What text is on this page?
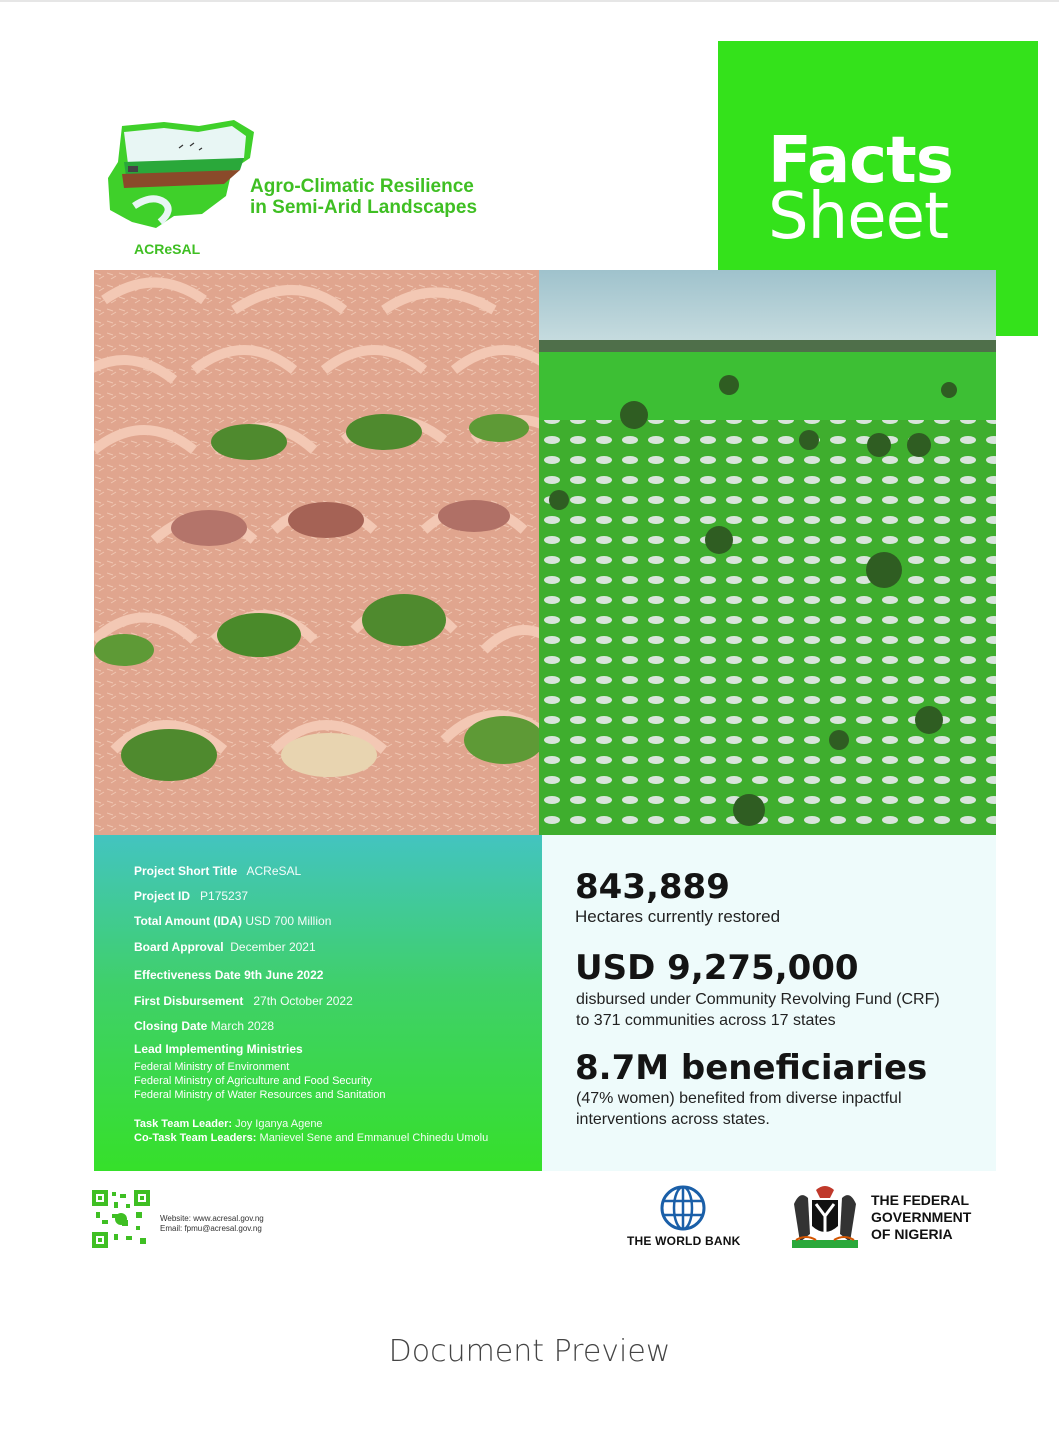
ACReSAL
Agro-Climatic Resilience
in Semi-Arid Landscapes
Facts
Sheet
Project Short Title ACReSAL
Project ID P175237
Total Amount (IDA) USD 700 Million
Board Approval December 2021
Effectiveness Date 9th June 2022
First Disbursement 27th October 2022
Closing Date March 2028
Lead Implementing Ministries
Federal Ministry of Environment
Federal Ministry of Agriculture and Food Security
Federal Ministry of Water Resources and Sanitation
Task Team Leader: Joy Iganya Agene
Co-Task Team Leaders: Manievel Sene and Emmanuel Chinedu Umolu
843,889
Hectares currently restored
USD 9,275,000
disbursed under Community Revolving Fund (CRF)
to 371 communities across 17 states
8.7M beneficiaries
(47% women) benefited from diverse inpactful
interventions across states.
Website: www.acresal.gov.ng
Email: fpmu@acresal.gov.ng
THE WORLD BANK
THE FEDERAL
GOVERNMENT
OF NIGERIA
Document Preview
